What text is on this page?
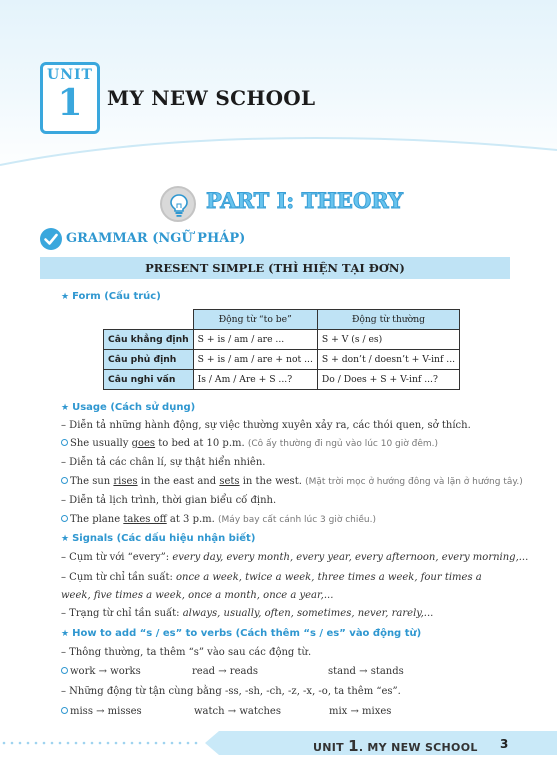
UNIT
1	MY NEW SCHOOL
PART I: THEORY
GRAMMAR (NGỮ PHÁP)
PRESENT SIMPLE (THÌ HIỆN TẠI ĐƠN)
★ Form (Cấu trúc)
	Động từ “to be”	Động từ thường
Câu khẳng định	S + is / am / are ...	S + V (s / es)
Câu phủ định	S + is / am / are + not ...	S + don’t / doesn’t + V-inf ...
Câu nghi vấn	Is / Am / Are + S ...?	Do / Does + S + V-inf ...?
★ Usage (Cách sử dụng)
– Diễn tả những hành động, sự việc thường xuyên xảy ra, các thói quen, sở thích.
She usually goes to bed at 10 p.m. (Cô ấy thường đi ngủ vào lúc 10 giờ đêm.)
– Diễn tả các chân lí, sự thật hiển nhiên.
The sun rises in the east and sets in the west. (Mặt trời mọc ở hướng đông và lặn ở hướng tây.)
– Diễn tả lịch trình, thời gian biểu cố định.
The plane takes off at 3 p.m. (Máy bay cất cánh lúc 3 giờ chiều.)
★ Signals (Các dấu hiệu nhận biết)
– Cụm từ với “every”: every day, every month, every year, every afternoon, every morning,...
– Cụm từ chỉ tần suất: once a week, twice a week, three times a week, four times a week, five times a week, once a month, once a year,...
– Trạng từ chỉ tần suất: always, usually, often, sometimes, never, rarely,...
★ How to add “s / es” to verbs (Cách thêm “s / es” vào động từ)
– Thông thường, ta thêm “s” vào sau các động từ.
work → works	read → reads	stand → stands
– Những động từ tận cùng bằng -ss, -sh, -ch, -z, -x, -o, ta thêm “es”.
miss → misses	watch → watches	mix → mixes
UNIT 1. MY NEW SCHOOL 3
